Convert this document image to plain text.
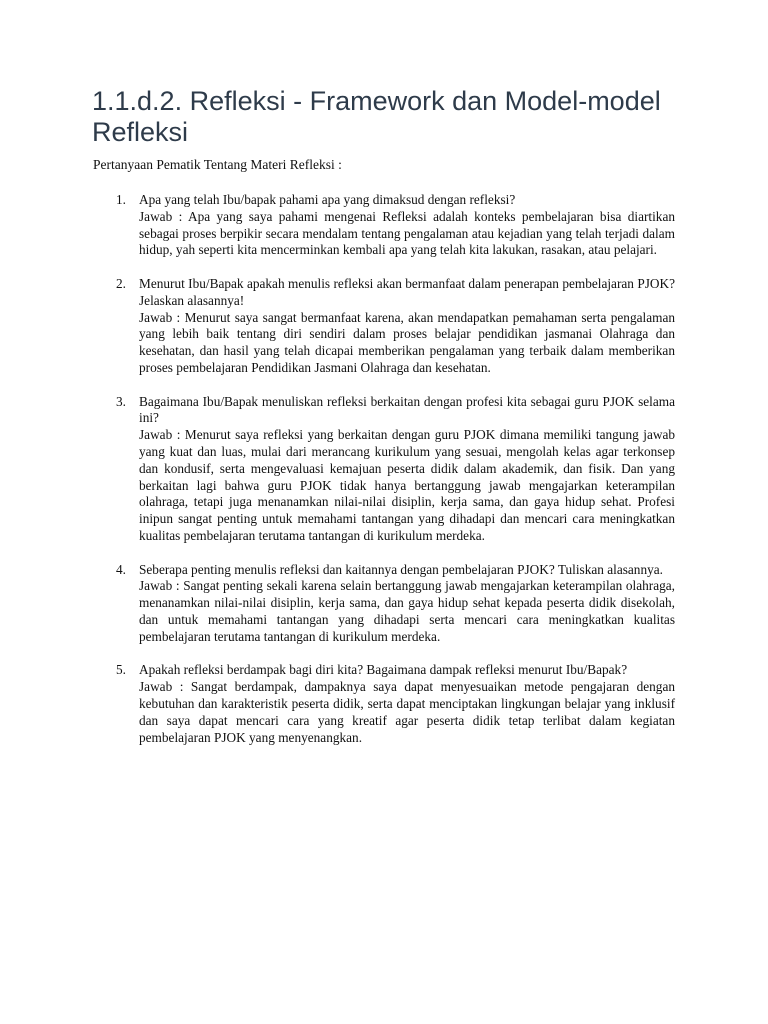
1.1.d.2. Refleksi - Framework dan Model-model Refleksi

Pertanyaan Pematik Tentang Materi Refleksi :

1. Apa yang telah Ibu/bapak pahami apa yang dimaksud dengan refleksi?
Jawab : Apa yang saya pahami mengenai Refleksi adalah konteks pembelajaran bisa diartikan sebagai proses berpikir secara mendalam tentang pengalaman atau kejadian yang telah terjadi dalam hidup, yah seperti kita mencerminkan kembali apa yang telah kita lakukan, rasakan, atau pelajari.
2. Menurut Ibu/Bapak apakah menulis refleksi akan bermanfaat dalam penerapan pembelajaran PJOK? Jelaskan alasannya!
Jawab : Menurut saya sangat bermanfaat karena, akan mendapatkan pemahaman serta pengalaman yang lebih baik tentang diri sendiri dalam proses belajar pendidikan jasmanai Olahraga dan kesehatan, dan hasil yang telah dicapai memberikan pengalaman yang terbaik dalam memberikan proses pembelajaran Pendidikan Jasmani Olahraga dan kesehatan.
3. Bagaimana Ibu/Bapak menuliskan refleksi berkaitan dengan profesi kita sebagai guru PJOK selama ini?
Jawab : Menurut saya refleksi yang berkaitan dengan guru PJOK dimana memiliki tangung jawab yang kuat dan luas, mulai dari merancang kurikulum yang sesuai, mengolah kelas agar terkonsep dan kondusif, serta mengevaluasi kemajuan peserta didik dalam akademik, dan fisik. Dan yang berkaitan lagi bahwa guru PJOK tidak hanya bertanggung jawab mengajarkan keterampilan olahraga, tetapi juga menanamkan nilai-nilai disiplin, kerja sama, dan gaya hidup sehat. Profesi inipun sangat penting untuk memahami tantangan yang dihadapi dan mencari cara meningkatkan kualitas pembelajaran terutama tantangan di kurikulum merdeka.
4. Seberapa penting menulis refleksi dan kaitannya dengan pembelajaran PJOK? Tuliskan alasannya.
Jawab : Sangat penting sekali karena selain bertanggung jawab mengajarkan keterampilan olahraga, menanamkan nilai-nilai disiplin, kerja sama, dan gaya hidup sehat kepada peserta didik disekolah, dan untuk memahami tantangan yang dihadapi serta mencari cara meningkatkan kualitas pembelajaran terutama tantangan di kurikulum merdeka.
5. Apakah refleksi berdampak bagi diri kita? Bagaimana dampak refleksi menurut Ibu/Bapak?
Jawab : Sangat berdampak, dampaknya saya dapat menyesuaikan metode pengajaran dengan kebutuhan dan karakteristik peserta didik, serta dapat menciptakan lingkungan belajar yang inklusif dan saya dapat mencari cara yang kreatif agar peserta didik tetap terlibat dalam kegiatan pembelajaran PJOK yang menyenangkan.
